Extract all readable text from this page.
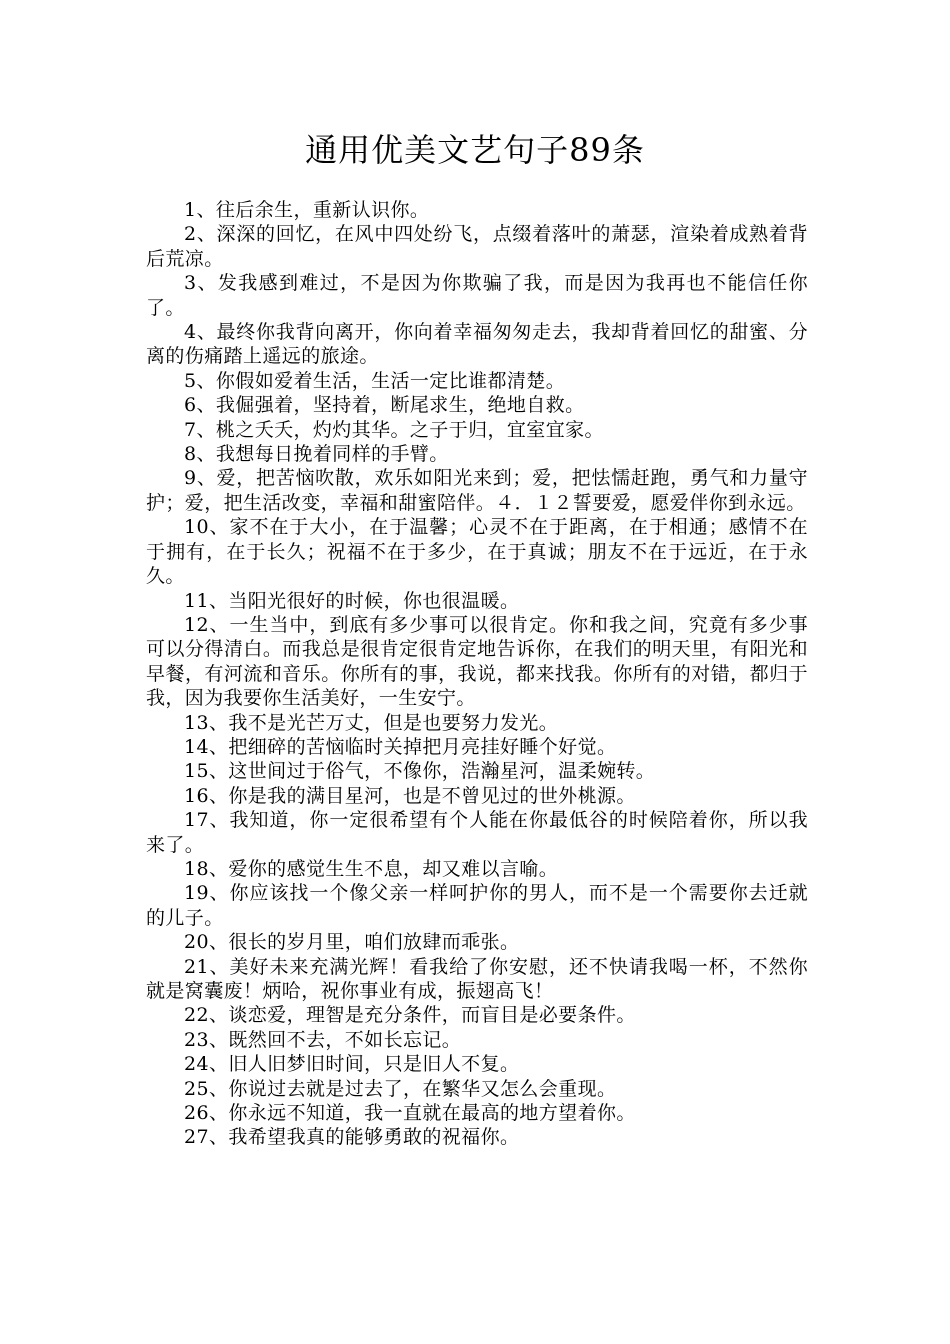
通用优美文艺句子89条

1、往后余生，重新认识你。

2、深深的回忆，在风中四处纷飞，点缀着落叶的萧瑟，渲染着成熟着背后荒凉。

3、发我感到难过，不是因为你欺骗了我，而是因为我再也不能信任你了。

4、最终你我背向离开，你向着幸福匆匆走去，我却背着回忆的甜蜜、分离的伤痛踏上遥远的旅途。

5、你假如爱着生活，生活一定比谁都清楚。

6、我倔强着，坚持着，断尾求生，绝地自救。

7、桃之夭夭，灼灼其华。之子于归，宜室宜家。

8、我想每日挽着同样的手臂。

9、爱，把苦恼吹散，欢乐如阳光来到；爱，把怯懦赶跑，勇气和力量守护；爱，把生活改变，幸福和甜蜜陪伴。４．１２誓要爱，愿爱伴你到永远。

10、家不在于大小，在于温馨；心灵不在于距离，在于相通；感情不在于拥有，在于长久；祝福不在于多少，在于真诚；朋友不在于远近，在于永久。

11、当阳光很好的时候，你也很温暖。

12、一生当中，到底有多少事可以很肯定。你和我之间，究竟有多少事可以分得清白。而我总是很肯定很肯定地告诉你，在我们的明天里，有阳光和早餐，有河流和音乐。你所有的事，我说，都来找我。你所有的对错，都归于我，因为我要你生活美好，一生安宁。

13、我不是光芒万丈，但是也要努力发光。

14、把细碎的苦恼临时关掉把月亮挂好睡个好觉。

15、这世间过于俗气，不像你，浩瀚星河，温柔婉转。

16、你是我的满目星河，也是不曾见过的世外桃源。

17、我知道，你一定很希望有个人能在你最低谷的时候陪着你，所以我来了。

18、爱你的感觉生生不息，却又难以言喻。

19、你应该找一个像父亲一样呵护你的男人，而不是一个需要你去迁就的儿子。

20、很长的岁月里，咱们放肆而乖张。

21、美好未来充满光辉！看我给了你安慰，还不快请我喝一杯，不然你就是窝囊废！炳哈，祝你事业有成，振翅高飞！

22、谈恋爱，理智是充分条件，而盲目是必要条件。

23、既然回不去，不如长忘记。

24、旧人旧梦旧时间，只是旧人不复。

25、你说过去就是过去了，在繁华又怎么会重现。

26、你永远不知道，我一直就在最高的地方望着你。

27、我希望我真的能够勇敢的祝福你。
